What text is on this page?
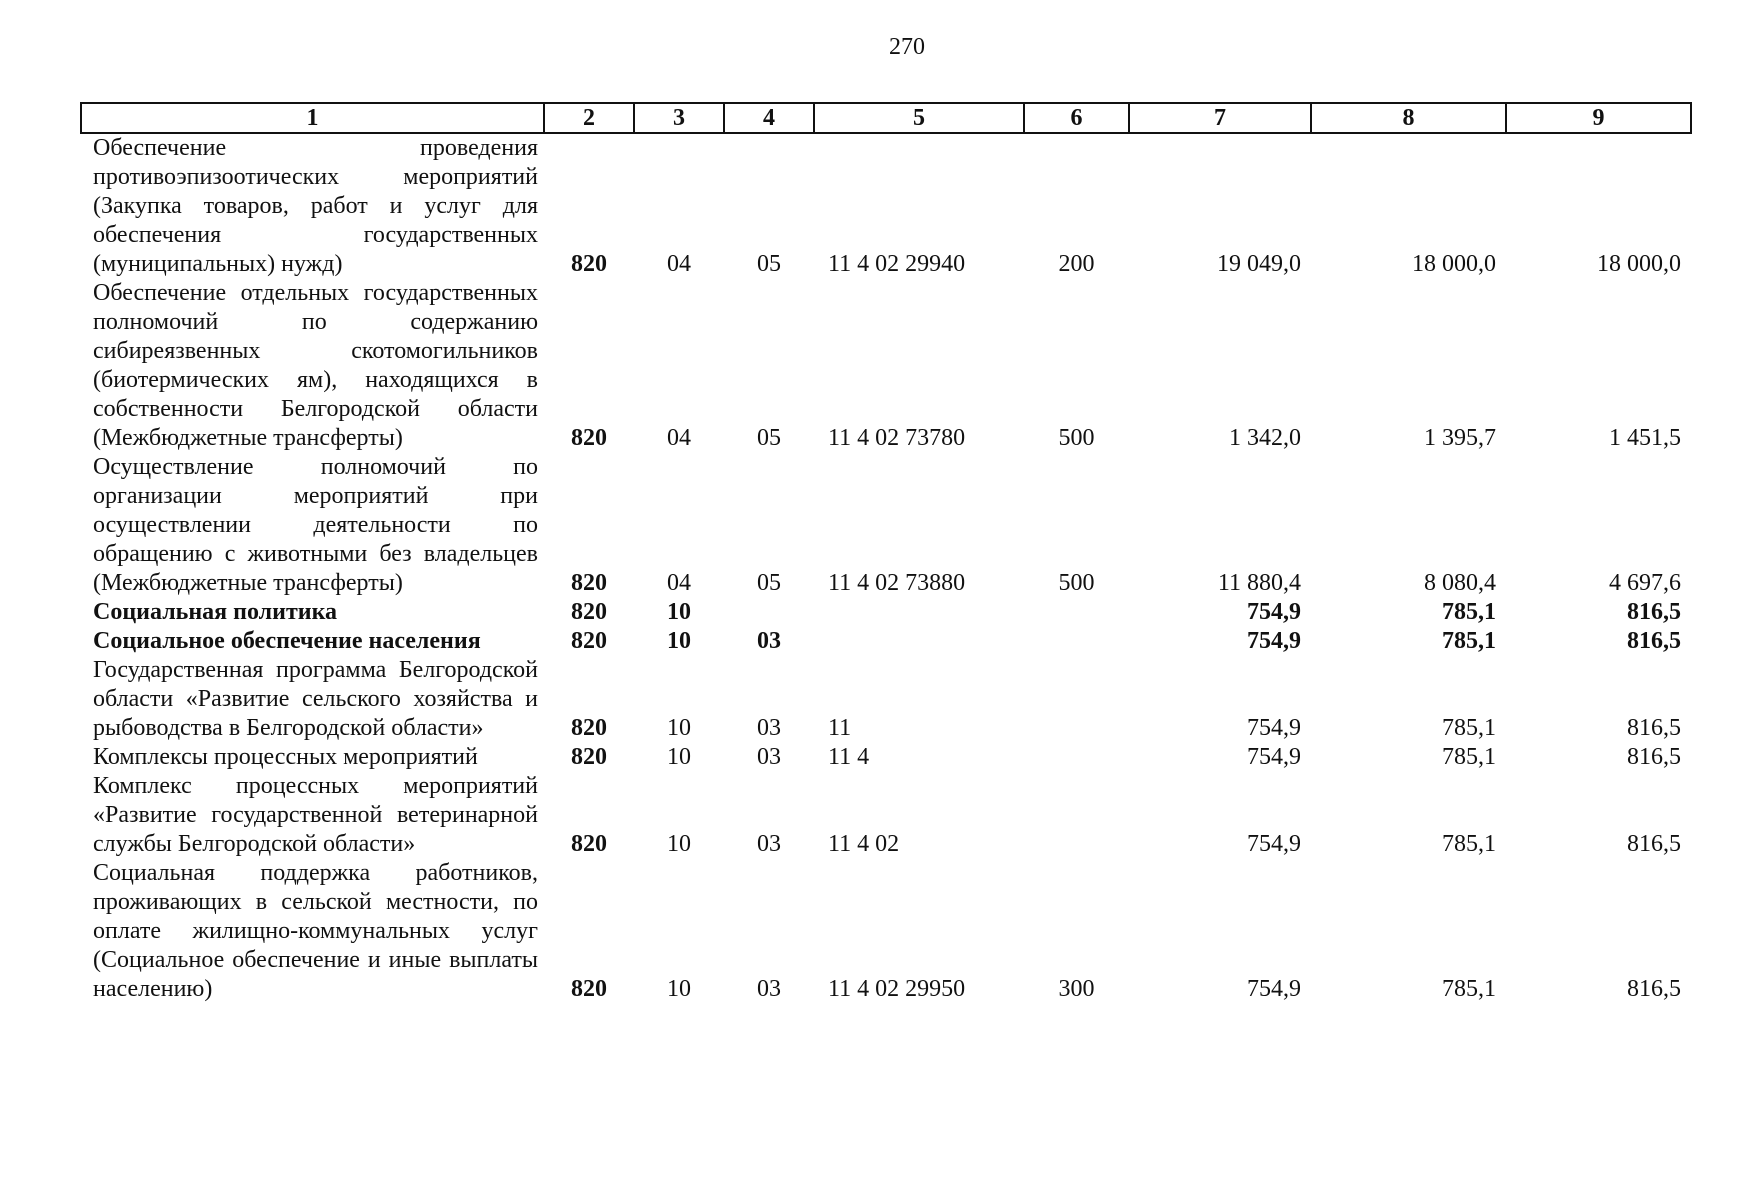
270
1	2	3	4	5	6	7	8	9
Обеспечение проведения противоэпизоотических мероприятий (Закупка товаров, работ и услуг для обеспечения государственных (муниципальных) нужд)	820	04	05	11 4 02 29940	200	19 049,0	18 000,0	18 000,0
Обеспечение отдельных государственных полномочий по содержанию сибиреязвенных скотомогильников (биотермических ям), находящихся в собственности Белгородской области (Межбюджетные трансферты)	820	04	05	11 4 02 73780	500	1 342,0	1 395,7	1 451,5
Осуществление полномочий по организации мероприятий при осуществлении деятельности по обращению с животными без владельцев (Межбюджетные трансферты)	820	04	05	11 4 02 73880	500	11 880,4	8 080,4	4 697,6
Социальная политика	820	10				754,9	785,1	816,5
Социальное обеспечение населения	820	10	03			754,9	785,1	816,5
Государственная программа Белгородской области «Развитие сельского хозяйства и рыбоводства в Белгородской области»	820	10	03	11		754,9	785,1	816,5
Комплексы процессных мероприятий	820	10	03	11 4		754,9	785,1	816,5
Комплекс процессных мероприятий «Развитие государственной ветеринарной службы Белгородской области»	820	10	03	11 4 02		754,9	785,1	816,5
Социальная поддержка работников, проживающих в сельской местности, по оплате жилищно-коммунальных услуг (Социальное обеспечение и иные выплаты населению)	820	10	03	11 4 02 29950	300	754,9	785,1	816,5
